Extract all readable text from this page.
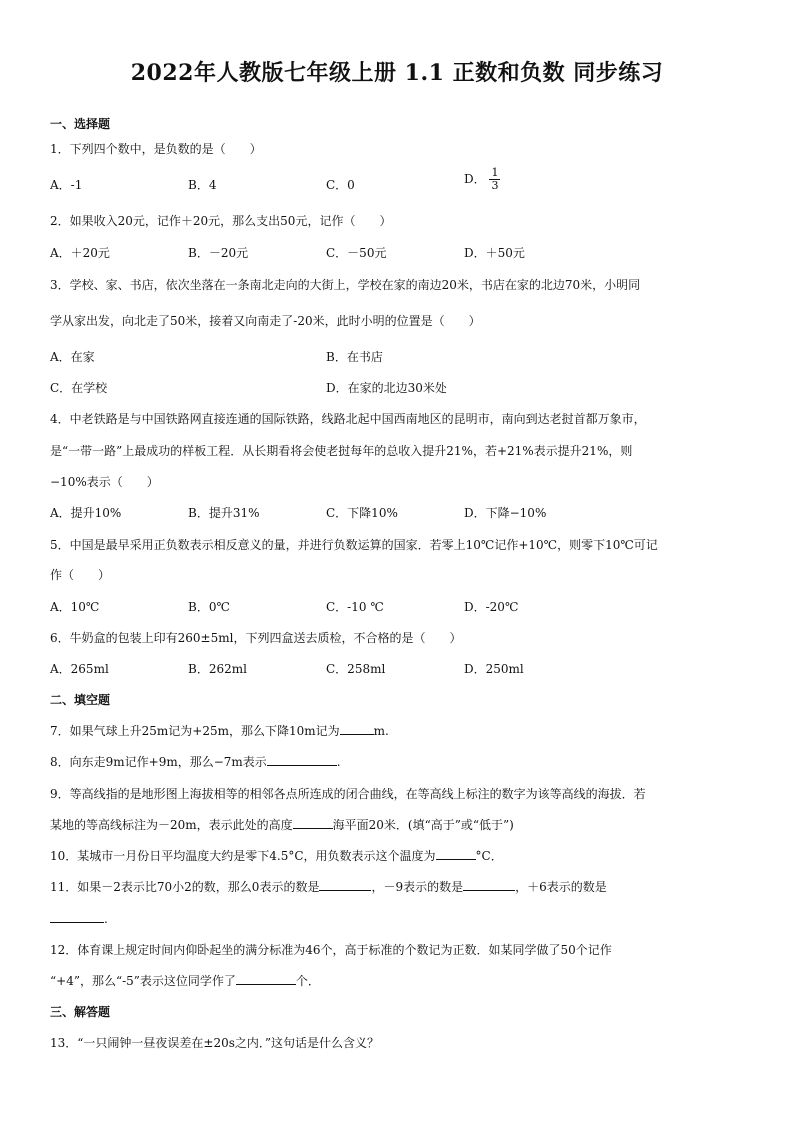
2022年人教版七年级上册 1.1 正数和负数 同步练习
一、选择题
1．下列四个数中，是负数的是（　　）
A．-1	B．4	C．0	D． $\frac{1}{3}$
2．如果收入20元，记作＋20元，那么支出50元，记作（　　）
A．＋20元	B．－20元	C．－50元	D．＋50元
3．学校、家、书店，依次坐落在一条南北走向的大街上，学校在家的南边20米，书店在家的北边70米，小明同
学从家出发，向北走了50米，接着又向南走了-20米，此时小明的位置是（　　）
A．在家	B．在书店
C．在学校	D．在家的北边30米处
4．中老铁路是与中国铁路网直接连通的国际铁路，线路北起中国西南地区的昆明市，南向到达老挝首都万象市，
是“一带一路”上最成功的样板工程．从长期看将会使老挝每年的总收入提升21%，若+21%表示提升21%，则
−10%表示（　　）
A．提升10%	B．提升31%	C．下降10%	D．下降−10%
5．中国是最早采用正负数表示相反意义的量，并进行负数运算的国家．若零上10℃记作+10℃，则零下10℃可记
作（　　）
A．10℃	B．0℃	C．-10 ℃	D．-20℃
6．牛奶盒的包装上印有260±5ml，下列四盒送去质检，不合格的是（　　）
A．265ml	B．262ml	C．258ml	D．250ml
二、填空题
7．如果气球上升25m记为+25m，那么下降10m记为	m.
8．向东走9m记作+9m，那么−7m表示	.
9．等高线指的是地形图上海拔相等的相邻各点所连成的闭合曲线，在等高线上标注的数字为该等高线的海拔．若
某地的等高线标注为－20m，表示此处的高度	海平面20米．(填“高于”或“低于”)
10．某城市一月份日平均温度大约是零下4.5°C，用负数表示这个温度为	°C．
11．如果－2表示比70小2的数，那么0表示的数是	，－9表示的数是	，＋6表示的数是
.
12．体育课上规定时间内仰卧起坐的满分标准为46个，高于标准的个数记为正数．如某同学做了50个记作
“+4”，那么“-5”表示这位同学作了	个．
三、解答题
13．“一只闹钟一昼夜误差在±20s之内．”这句话是什么含义？
